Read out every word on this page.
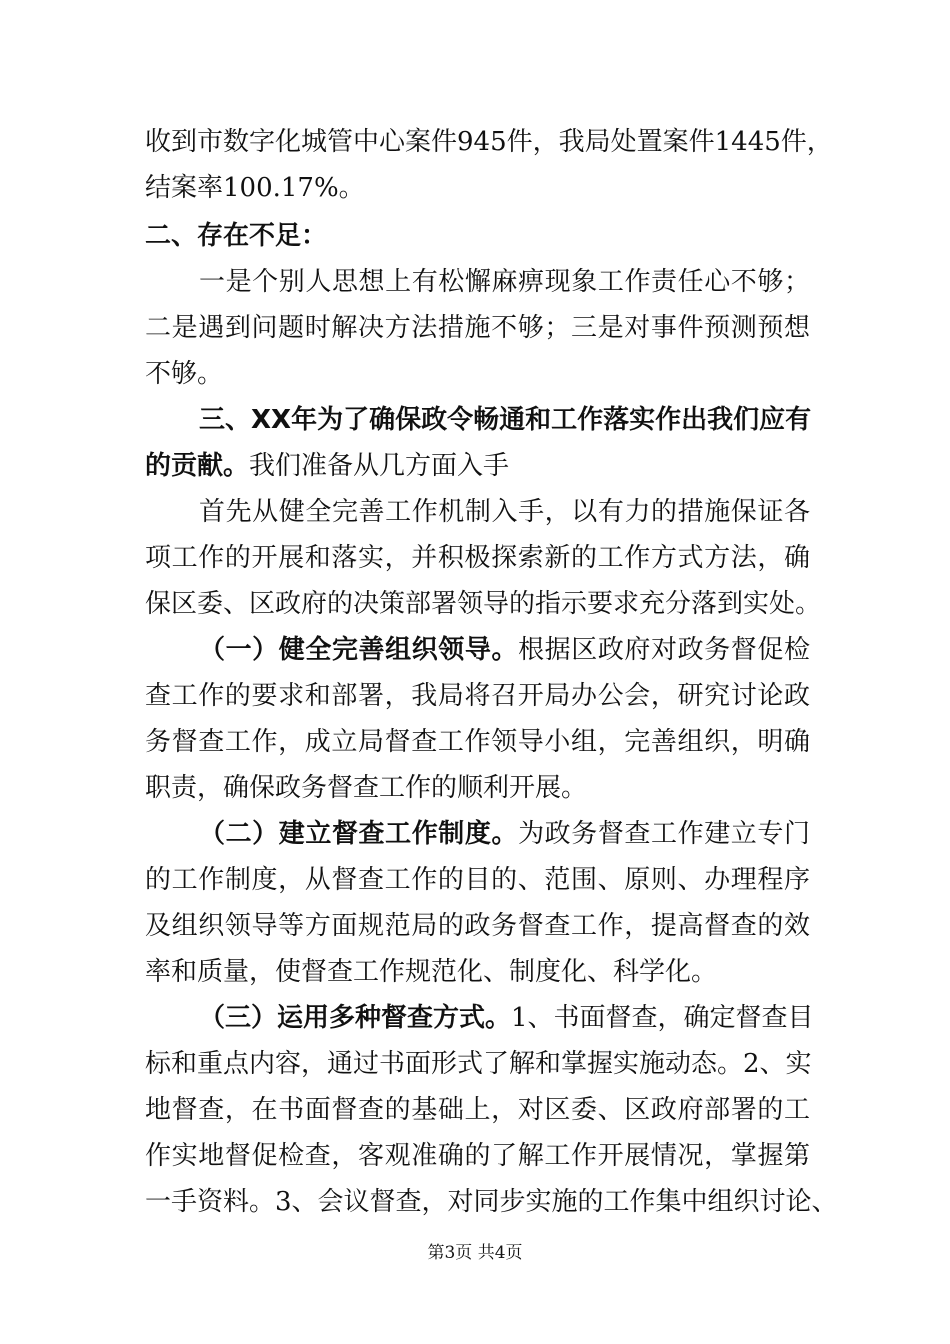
收到市数字化城管中心案件945件，我局处置案件1445件，
结案率100.17%。
二、存在不足：
一是个别人思想上有松懈麻痹现象工作责任心不够；
二是遇到问题时解决方法措施不够；三是对事件预测预想
不够。
三、XX年为了确保政令畅通和工作落实作出我们应有
的贡献。我们准备从几方面入手
首先从健全完善工作机制入手，以有力的措施保证各
项工作的开展和落实，并积极探索新的工作方式方法，确
保区委、区政府的决策部署领导的指示要求充分落到实处。
（一）健全完善组织领导。根据区政府对政务督促检
查工作的要求和部署，我局将召开局办公会，研究讨论政
务督查工作，成立局督查工作领导小组，完善组织，明确
职责，确保政务督查工作的顺利开展。
（二）建立督查工作制度。为政务督查工作建立专门
的工作制度，从督查工作的目的、范围、原则、办理程序
及组织领导等方面规范局的政务督查工作，提高督查的效
率和质量，使督查工作规范化、制度化、科学化。
（三）运用多种督查方式。1、书面督查，确定督查目
标和重点内容，通过书面形式了解和掌握实施动态。2、实
地督查，在书面督查的基础上，对区委、区政府部署的工
作实地督促检查，客观准确的了解工作开展情况，掌握第
一手资料。3、会议督查，对同步实施的工作集中组织讨论、
第3页 共4页
